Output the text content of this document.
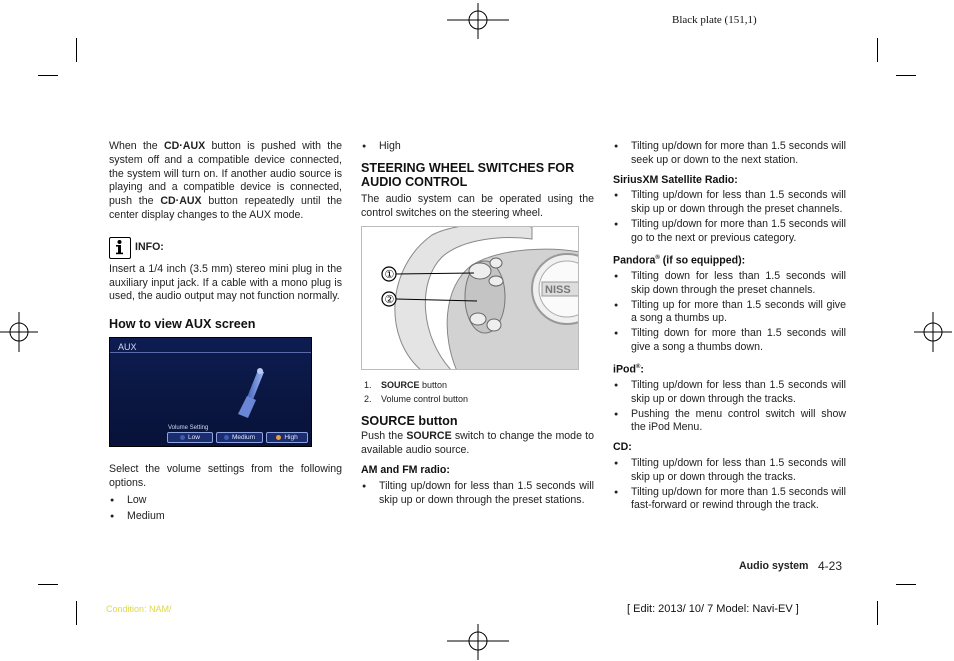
Black plate (151,1)

When the CD·AUX button is pushed with the system off and a compatible device connected, the system will turn on. If another audio source is playing and a compatible device is connected, push the CD·AUX button repeatedly until the center display changes to the AUX mode.

INFO:

Insert a 1/4 inch (3.5 mm) stereo mini plug in the auxiliary input jack. If a cable with a mono plug is used, the audio output may not function normally.

How to view AUX screen
AUX
Volume Setting
Low	Medium	High

Select the volume settings from the following options.

● Low
● Medium
● High
STEERING WHEEL SWITCHES FOR AUDIO CONTROL

The audio system can be operated using the control switches on the steering wheel.

NISS
①
②
1. SOURCE button
2. Volume control button
SOURCE button

Push the SOURCE switch to change the mode to available audio source.

AM and FM radio:
● Tilting up/down for less than 1.5 seconds will skip up or down through the preset stations.
● Tilting up/down for more than 1.5 seconds will seek up or down to the next station.
SiriusXM Satellite Radio:
● Tilting up/down for less than 1.5 seconds will skip up or down through the preset channels.
● Tilting up/down for more than 1.5 seconds will go to the next or previous category.
Pandora® (if so equipped):
● Tilting down for less than 1.5 seconds will skip down through the preset channels.
● Tilting up for more than 1.5 seconds will give a song a thumbs up.
● Tilting down for more than 1.5 seconds will give a song a thumbs down.
iPod®:
● Tilting up/down for less than 1.5 seconds will skip up or down through the tracks.
● Pushing the menu control switch will show the iPod Menu.
CD:
● Tilting up/down for less than 1.5 seconds will skip up or down through the tracks.
● Tilting up/down for more than 1.5 seconds will fast-forward or rewind through the track.
Audio system 4-23
Condition: NAM/	[ Edit: 2013/ 10/ 7 Model: Navi-EV ]
